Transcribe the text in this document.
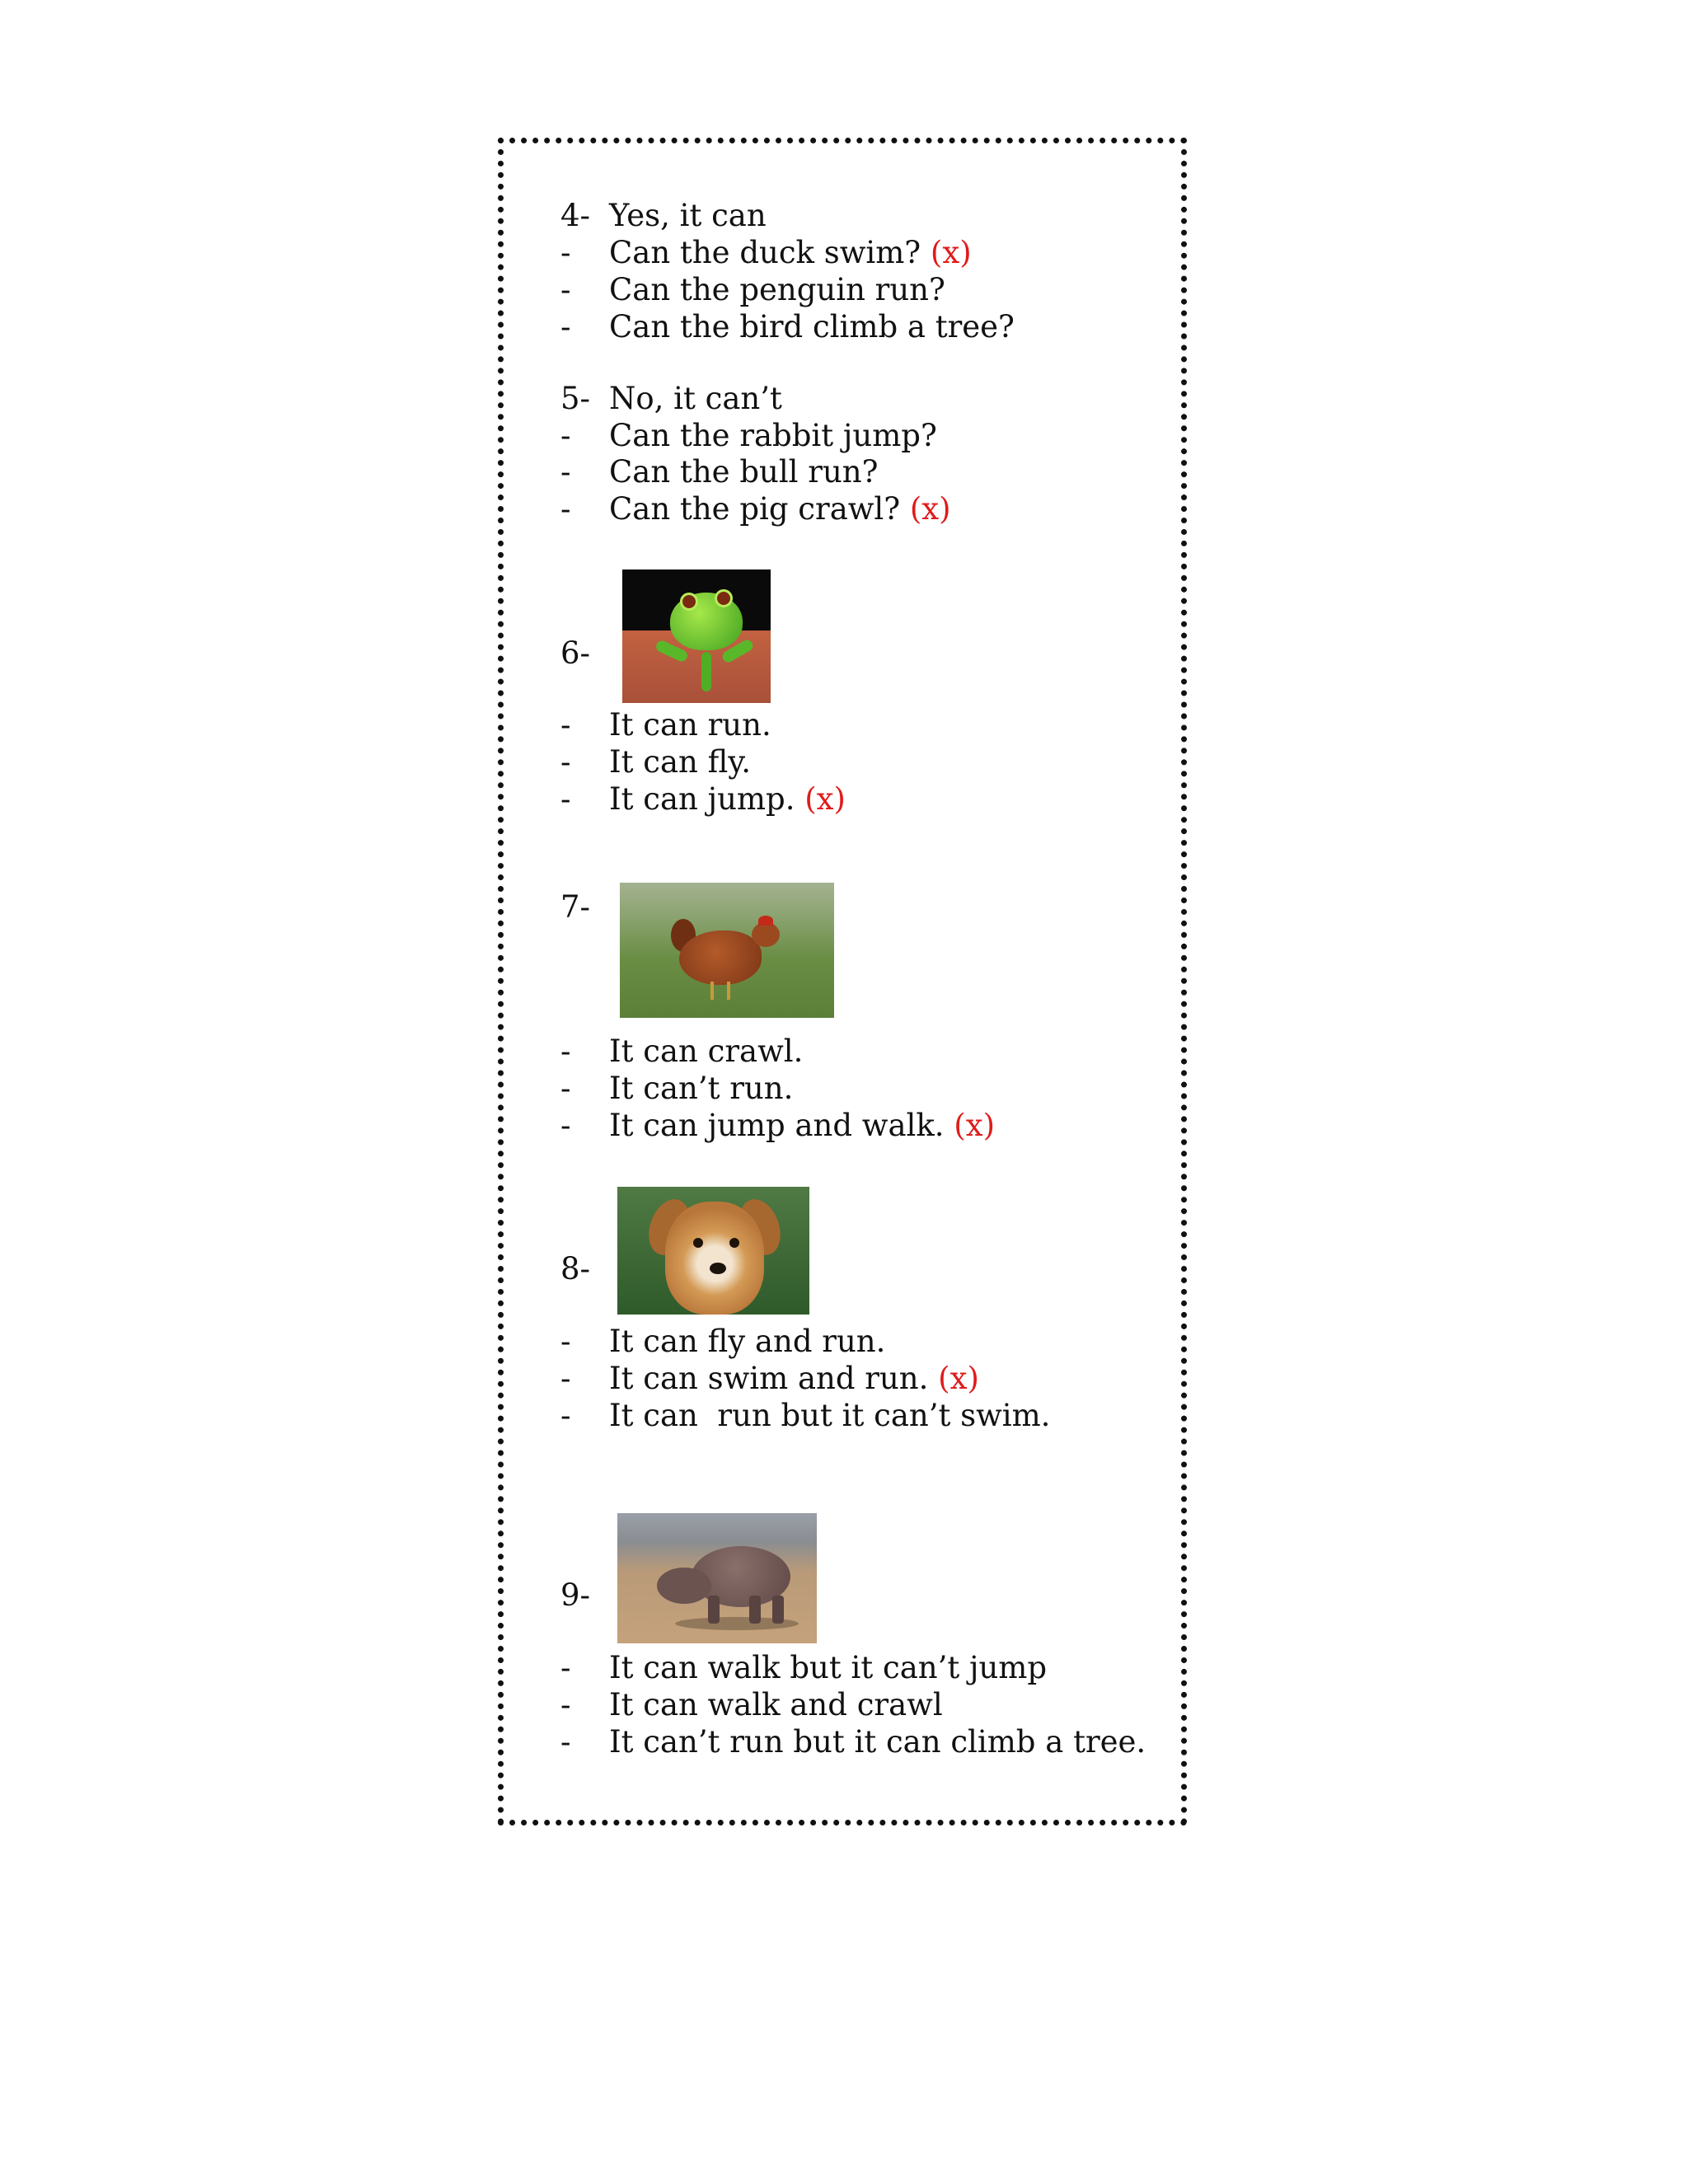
4- Yes, it can
- Can the duck swim? (x)
- Can the penguin run?
- Can the bird climb a tree?
5- No, it can’t
- Can the rabbit jump?
- Can the bull run?
- Can the pig crawl? (x)
6-
- It can run.
- It can fly.
- It can jump. (x)
7-
- It can crawl.
- It can’t run.
- It can jump and walk. (x)
8-
- It can fly and run.
- It can swim and run. (x)
- It can  run but it can’t swim.
9-
- It can walk but it can’t jump
- It can walk and crawl
- It can’t run but it can climb a tree.
